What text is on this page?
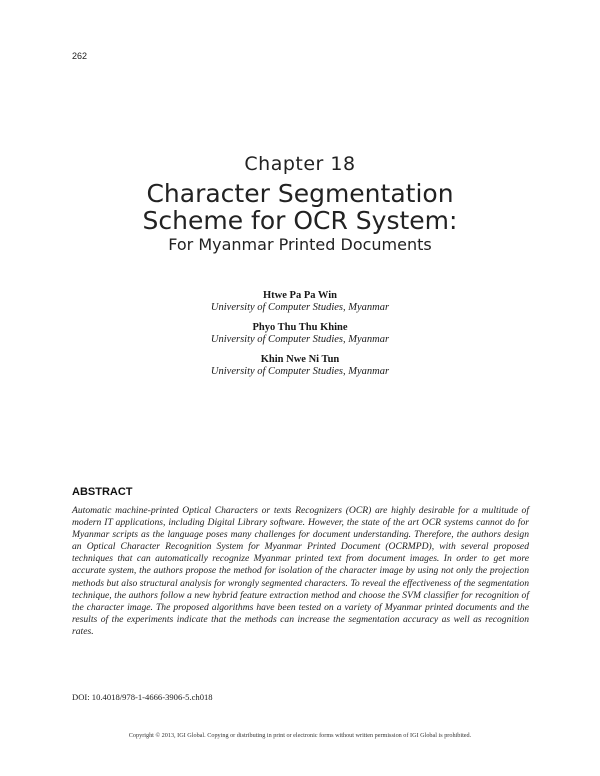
262
Chapter 18
Character Segmentation
Scheme for OCR System:
For Myanmar Printed Documents
Htwe Pa Pa Win
University of Computer Studies, Myanmar
Phyo Thu Thu Khine
University of Computer Studies, Myanmar
Khin Nwe Ni Tun
University of Computer Studies, Myanmar
ABSTRACT
Automatic machine-printed Optical Characters or texts Recognizers (OCR) are highly desirable for a multitude of modern IT applications, including Digital Library software. However, the state of the art OCR systems cannot do for Myanmar scripts as the language poses many challenges for document understanding. Therefore, the authors design an Optical Character Recognition System for Myanmar Printed Document (OCRMPD), with several proposed techniques that can automatically recognize Myanmar printed text from document images. In order to get more accurate system, the authors propose the method for isolation of the character image by using not only the projection methods but also structural analysis for wrongly segmented characters. To reveal the effectiveness of the segmentation technique, the authors follow a new hybrid feature extraction method and choose the SVM classifier for recognition of the character image. The proposed algorithms have been tested on a variety of Myanmar printed documents and the results of the experiments indicate that the methods can increase the segmentation accuracy as well as recognition rates.
DOI: 10.4018/978-1-4666-3906-5.ch018
Copyright © 2013, IGI Global. Copying or distributing in print or electronic forms without written permission of IGI Global is prohibited.
